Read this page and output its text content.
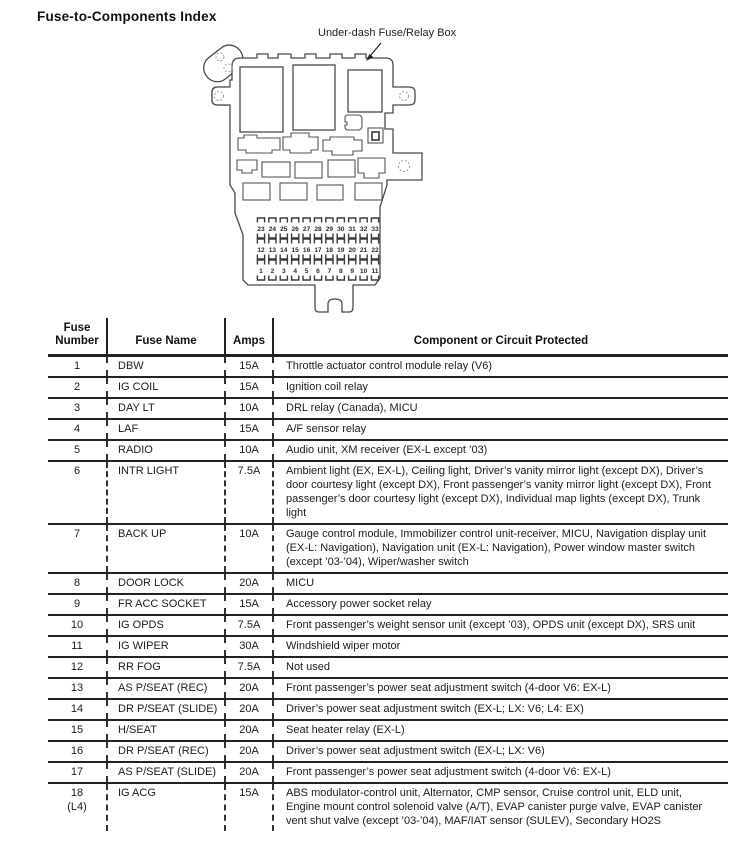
Fuse-to-Components Index
Under-dash Fuse/Relay Box
23 24 25 26 27 28 29 30 31 32 33
12 13 14 15 16 17 18 19 20 21 22
1 2 3 4 5 6 7 8 9 10 11
Fuse Number	Fuse Name	Amps	Component or Circuit Protected

1	DBW	15A	Throttle actuator control module relay (V6)

2	IG COIL	15A	Ignition coil relay

3	DAY LT	10A	DRL relay (Canada), MICU

4	LAF	15A	A/F sensor relay

5	RADIO	10A	Audio unit, XM receiver (EX-L except ’03)

6	INTR LIGHT	7.5A	Ambient light (EX, EX-L), Ceiling light, Driver’s vanity mirror light (except DX), Driver’s door courtesy light (except DX), Front passenger’s vanity mirror light (except DX), Front passenger’s door courtesy light (except DX), Individual map lights (except DX), Trunk light

7	BACK UP	10A	Gauge control module, Immobilizer control unit-receiver, MICU, Navigation display unit (EX-L: Navigation), Navigation unit (EX-L: Navigation), Power window master switch (except ’03-’04), Wiper/washer switch

8	DOOR LOCK	20A	MICU

9	FR ACC SOCKET	15A	Accessory power socket relay

10	IG OPDS	7.5A	Front passenger’s weight sensor unit (except ’03), OPDS unit (except DX), SRS unit

11	IG WIPER	30A	Windshield wiper motor

12	RR FOG	7.5A	Not used

13	AS P/SEAT (REC)	20A	Front passenger’s power seat adjustment switch (4-door V6: EX-L)

14	DR P/SEAT (SLIDE)	20A	Driver’s power seat adjustment switch (EX-L; LX: V6; L4: EX)

15	H/SEAT	20A	Seat heater relay (EX-L)

16	DR P/SEAT (REC)	20A	Driver’s power seat adjustment switch (EX-L; LX: V6)

17	AS P/SEAT (SLIDE)	20A	Front passenger’s power seat adjustment switch (4-door V6: EX-L)

18
(L4)	IG ACG	15A	ABS modulator-control unit, Alternator, CMP sensor, Cruise control unit, ELD unit, Engine mount control solenoid valve (A/T), EVAP canister purge valve, EVAP canister vent shut valve (except ’03-’04), MAF/IAT sensor (SULEV), Secondary HO2S
